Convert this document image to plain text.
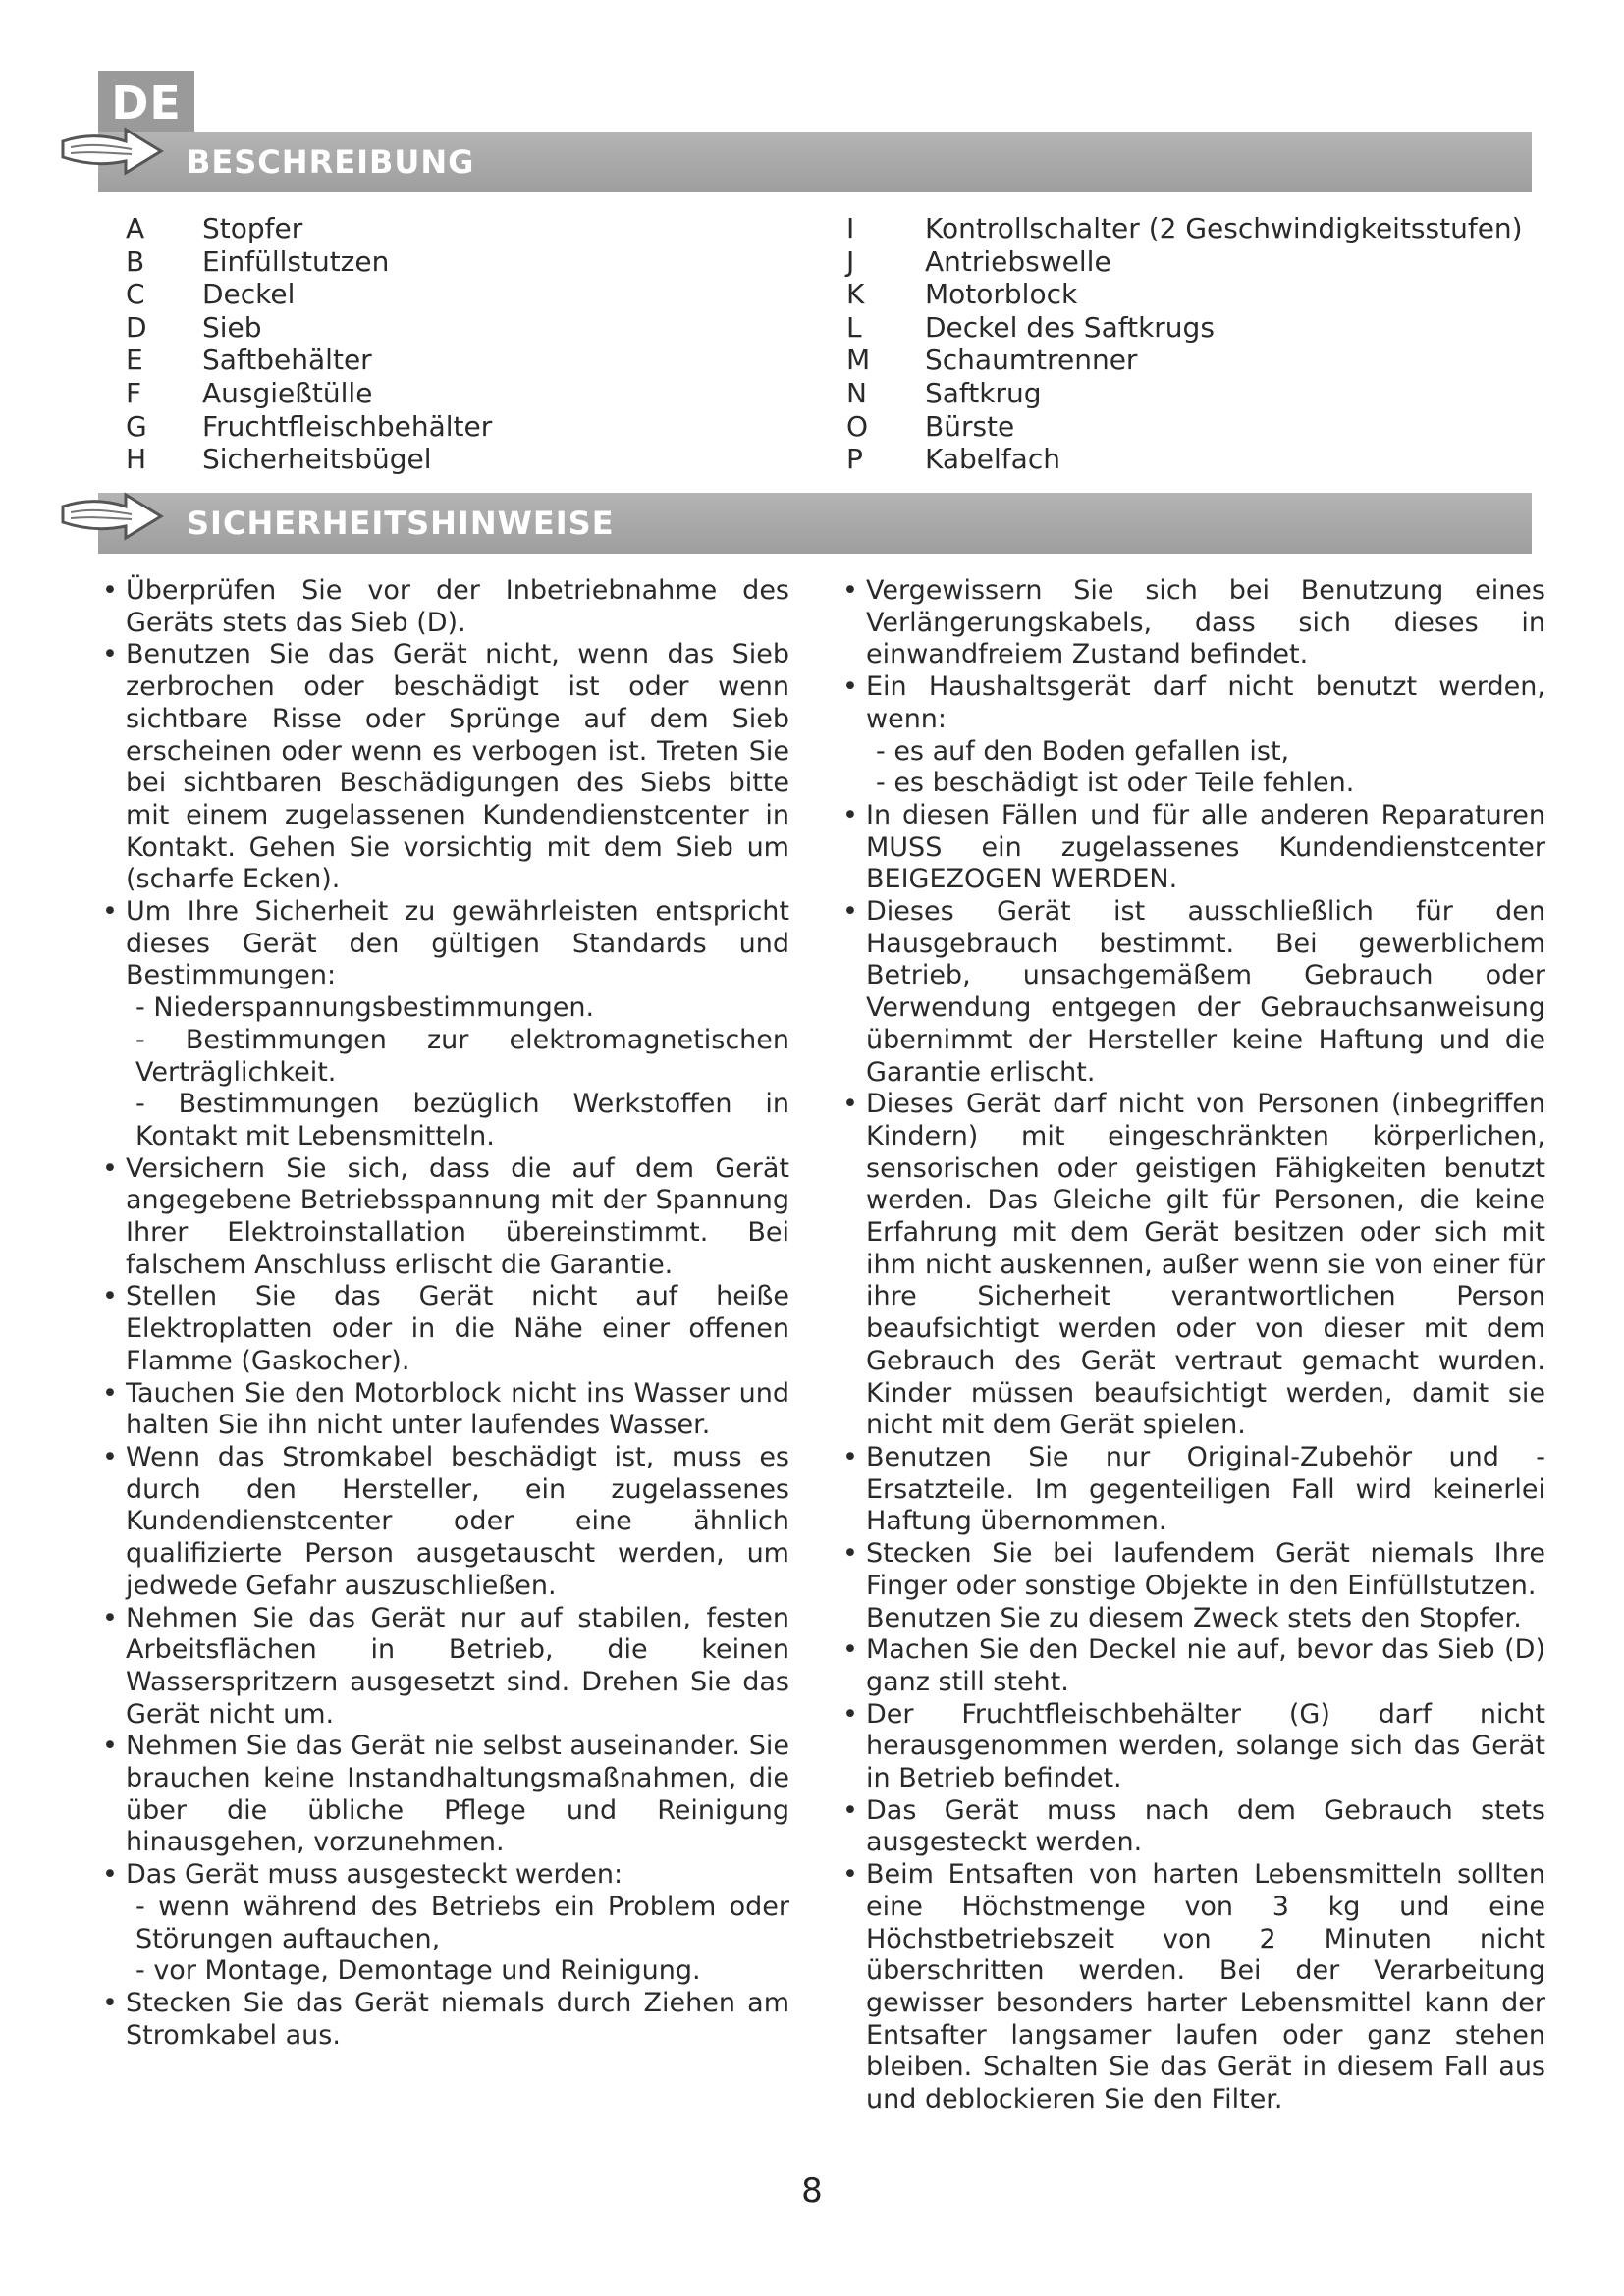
DE
BESCHREIBUNG
A	Stopfer
B	Einfüllstutzen
C	Deckel
D	Sieb
E	Saftbehälter
F	Ausgießtülle
G	Fruchtfleischbehälter
H	Sicherheitsbügel
I	Kontrollschalter (2 Geschwindigkeitsstufen)
J	Antriebswelle
K	Motorblock
L	Deckel des Saftkrugs
M	Schaumtrenner
N	Saftkrug
O	Bürste
P	Kabelfach
SICHERHEITSHINWEISE
• Überprüfen Sie vor der Inbetriebnahme des Geräts stets das Sieb (D).
• Benutzen Sie das Gerät nicht, wenn das Sieb zerbrochen oder beschädigt ist oder wenn sichtbare Risse oder Sprünge auf dem Sieb erscheinen oder wenn es verbogen ist. Treten Sie bei sichtbaren Beschädigungen des Siebs bitte mit einem zugelassenen Kundendienstcenter in Kontakt. Gehen Sie vorsichtig mit dem Sieb um (scharfe Ecken).
• Um Ihre Sicherheit zu gewährleisten entspricht dieses Gerät den gültigen Standards und Bestimmungen:
- Niederspannungsbestimmungen.
- Bestimmungen zur elektromagnetischen Verträglichkeit.
- Bestimmungen bezüglich Werkstoffen in Kontakt mit Lebensmitteln.
• Versichern Sie sich, dass die auf dem Gerät angegebene Betriebsspannung mit der Spannung Ihrer Elektroinstallation übereinstimmt. Bei falschem Anschluss erlischt die Garantie.
• Stellen Sie das Gerät nicht auf heiße Elektroplatten oder in die Nähe einer offenen Flamme (Gaskocher).
• Tauchen Sie den Motorblock nicht ins Wasser und halten Sie ihn nicht unter laufendes Wasser.
• Wenn das Stromkabel beschädigt ist, muss es durch den Hersteller, ein zugelassenes Kundendienstcenter oder eine ähnlich qualifizierte Person ausgetauscht werden, um jedwede Gefahr auszuschließen.
• Nehmen Sie das Gerät nur auf stabilen, festen Arbeitsflächen in Betrieb, die keinen Wasserspritzern ausgesetzt sind. Drehen Sie das Gerät nicht um.
• Nehmen Sie das Gerät nie selbst auseinander. Sie brauchen keine Instandhaltungsmaßnahmen, die über die übliche Pflege und Reinigung hinausgehen, vorzunehmen.
• Das Gerät muss ausgesteckt werden:
- wenn während des Betriebs ein Problem oder Störungen auftauchen,
- vor Montage, Demontage und Reinigung.
• Stecken Sie das Gerät niemals durch Ziehen am Stromkabel aus.
• Vergewissern Sie sich bei Benutzung eines Verlängerungskabels, dass sich dieses in einwandfreiem Zustand befindet.
• Ein Haushaltsgerät darf nicht benutzt werden, wenn:
- es auf den Boden gefallen ist,
- es beschädigt ist oder Teile fehlen.
• In diesen Fällen und für alle anderen Reparaturen MUSS ein zugelassenes Kundendienstcenter BEIGEZOGEN WERDEN.
• Dieses Gerät ist ausschließlich für den Hausgebrauch bestimmt. Bei gewerblichem Betrieb, unsachgemäßem Gebrauch oder Verwendung entgegen der Gebrauchsanweisung übernimmt der Hersteller keine Haftung und die Garantie erlischt.
• Dieses Gerät darf nicht von Personen (inbegriffen Kindern) mit eingeschränkten körperlichen, sensorischen oder geistigen Fähigkeiten benutzt werden. Das Gleiche gilt für Personen, die keine Erfahrung mit dem Gerät besitzen oder sich mit ihm nicht auskennen, außer wenn sie von einer für ihre Sicherheit verantwortlichen Person beaufsichtigt werden oder von dieser mit dem Gebrauch des Gerät vertraut gemacht wurden. Kinder müssen beaufsichtigt werden, damit sie nicht mit dem Gerät spielen.
• Benutzen Sie nur Original-Zubehör und -Ersatzteile. Im gegenteiligen Fall wird keinerlei Haftung übernommen.
• Stecken Sie bei laufendem Gerät niemals Ihre Finger oder sonstige Objekte in den Einfüllstutzen.
Benutzen Sie zu diesem Zweck stets den Stopfer.
• Machen Sie den Deckel nie auf, bevor das Sieb (D) ganz still steht.
• Der Fruchtfleischbehälter (G) darf nicht herausgenommen werden, solange sich das Gerät in Betrieb befindet.
• Das Gerät muss nach dem Gebrauch stets ausgesteckt werden.
• Beim Entsaften von harten Lebensmitteln sollten eine Höchstmenge von 3 kg und eine Höchstbetriebszeit von 2 Minuten nicht überschritten werden. Bei der Verarbeitung gewisser besonders harter Lebensmittel kann der Entsafter langsamer laufen oder ganz stehen bleiben. Schalten Sie das Gerät in diesem Fall aus und deblockieren Sie den Filter.
8
